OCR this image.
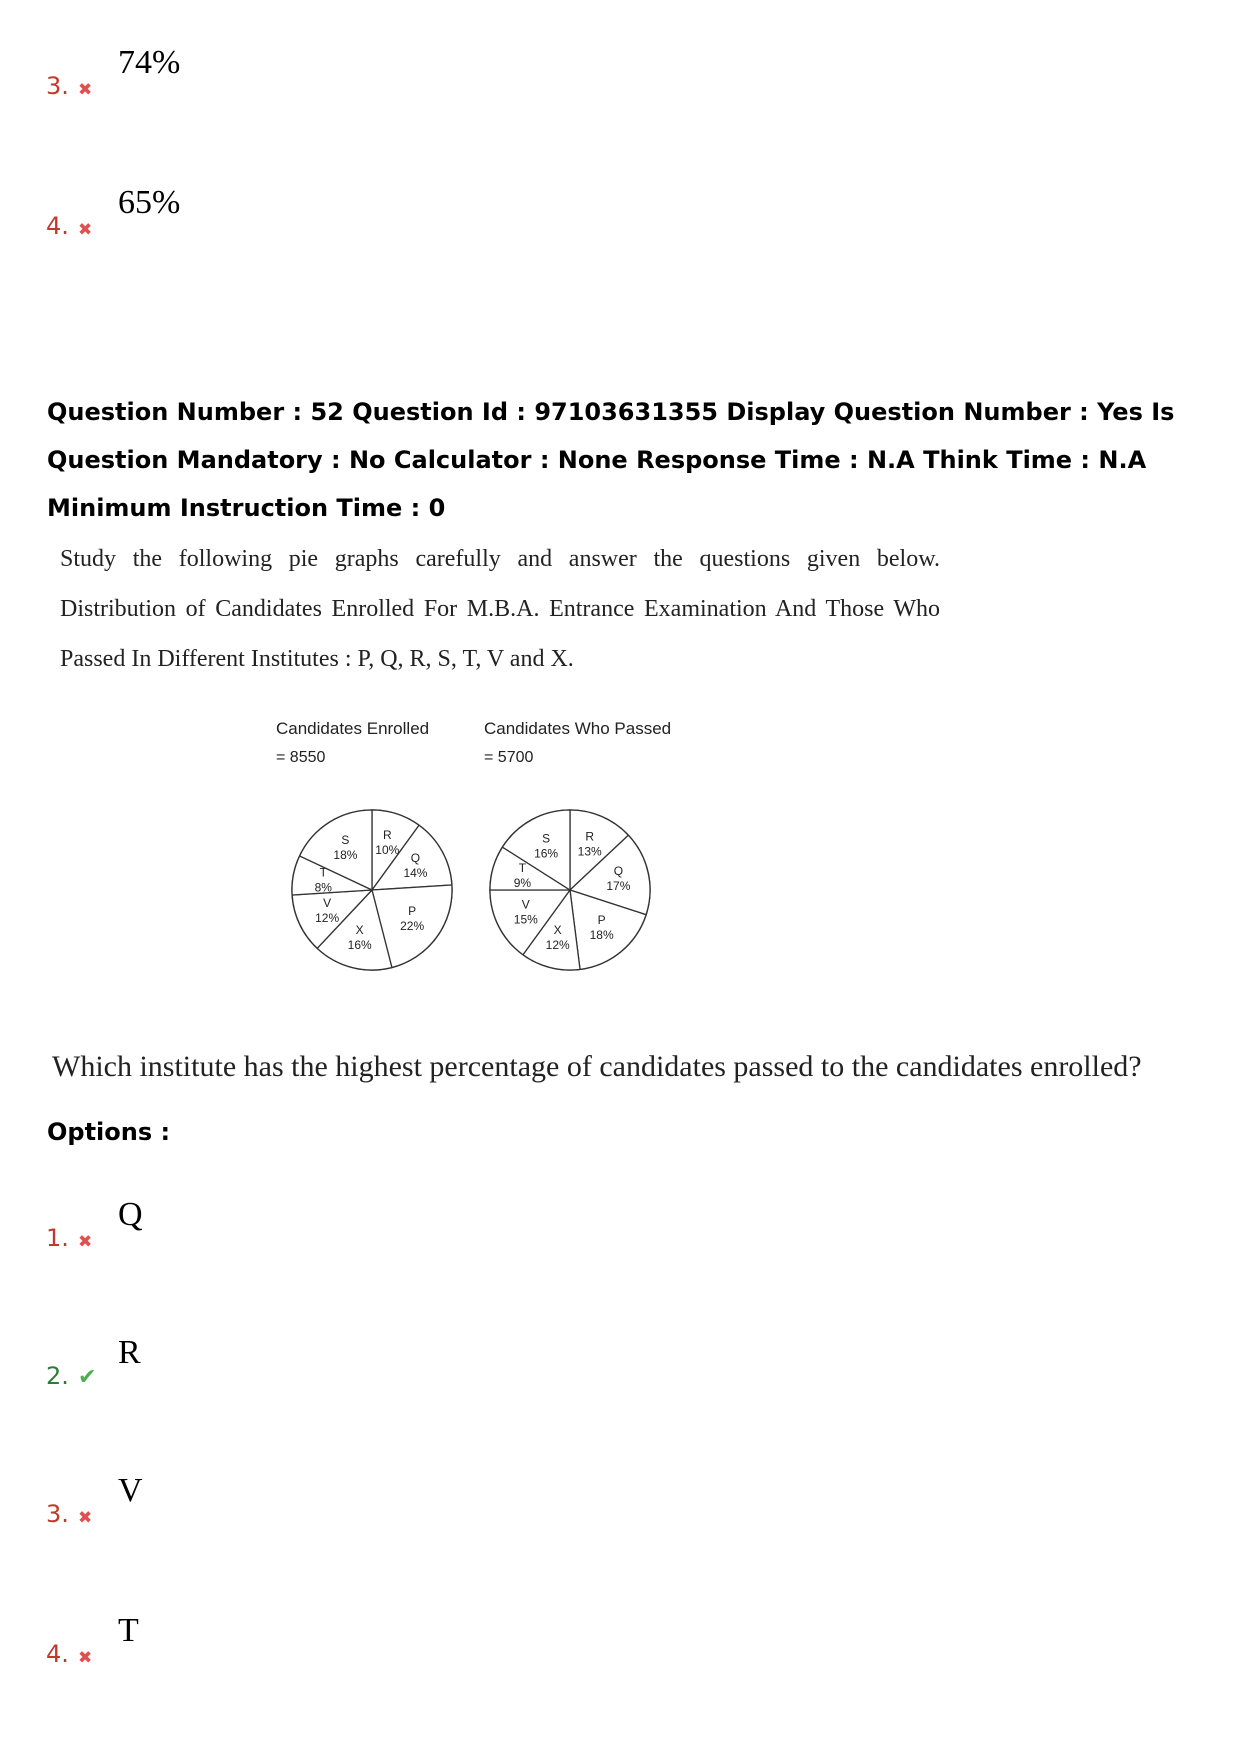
3. ✖
74%
4. ✖
65%
Question Number : 52 Question Id : 97103631355 Display Question Number : Yes Is Question Mandatory : No Calculator : None Response Time : N.A Think Time : N.A Minimum Instruction Time : 0
Study the following pie graphs carefully and answer the questions given below. Distribution of Candidates Enrolled For M.B.A. Entrance Examination And Those Who Passed In Different Institutes : P, Q, R, S, T, V and X.
Candidates Enrolled
= 8550
R
10%
Q
14%
P
22%
X
16%
V
12%
T
8%
S
18%
Candidates Who Passed
= 5700
R
13%
Q
17%
P
18%
X
12%
V
15%
T
9%
S
16%
Which institute has the highest percentage of candidates passed to the candidates enrolled?
Options :
1. ✖
Q
2. ✔
R
3. ✖
V
4. ✖
T
